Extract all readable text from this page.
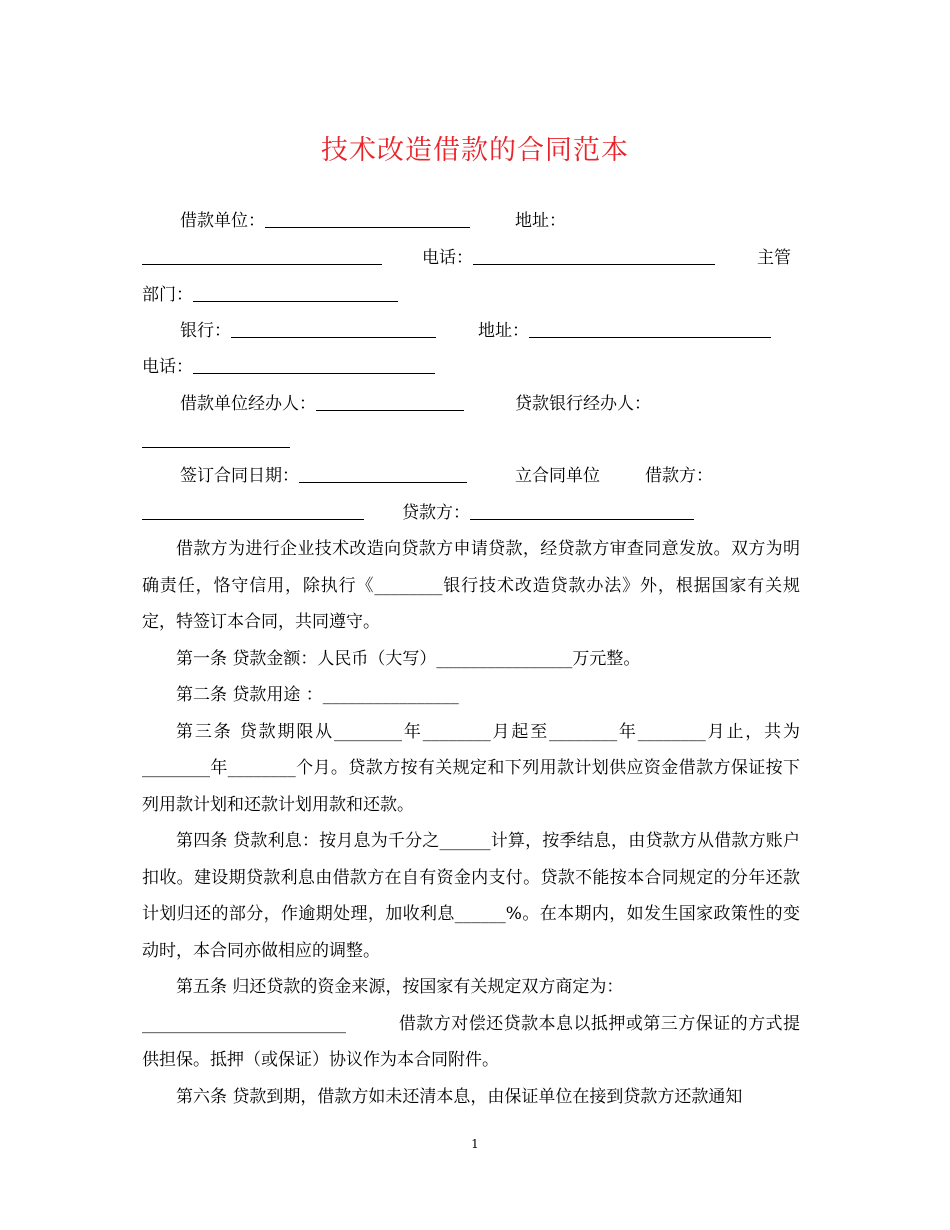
技术改造借款的合同范本
借款单位：	地址：
电话：	主管
部门：
银行：	地址：
电话：
借款单位经办人：	贷款银行经办人：
签订合同日期：	立合同单位	借款方：
贷款方：

借款方为进行企业技术改造向贷款方申请贷款，经贷款方审查同意发放。双方为明确责任，恪守信用，除执行《________银行技术改造贷款办法》外，根据国家有关规定，特签订本合同，共同遵守。

第一条 贷款金额：人民币（大写）________________万元整。

第二条 贷款用途 ：________________

第三条 贷款期限从________年________月起至________年________月止，共为________年________个月。贷款方按有关规定和下列用款计划供应资金借款方保证按下列用款计划和还款计划用款和还款。

第四条 贷款利息：按月息为千分之______计算，按季结息，由贷款方从借款方账户扣收。建设期贷款利息由借款方在自有资金内支付。贷款不能按本合同规定的分年还款计划归还的部分，作逾期处理，加收利息______%。在本期内，如发生国家政策性的变动时，本合同亦做相应的调整。

第五条 归还贷款的资金来源，按国家有关规定双方商定为：

________________________　　　借款方对偿还贷款本息以抵押或第三方保证的方式提供担保。抵押（或保证）协议作为本合同附件。

第六条 贷款到期，借款方如未还清本息，由保证单位在接到贷款方还款通知

1
